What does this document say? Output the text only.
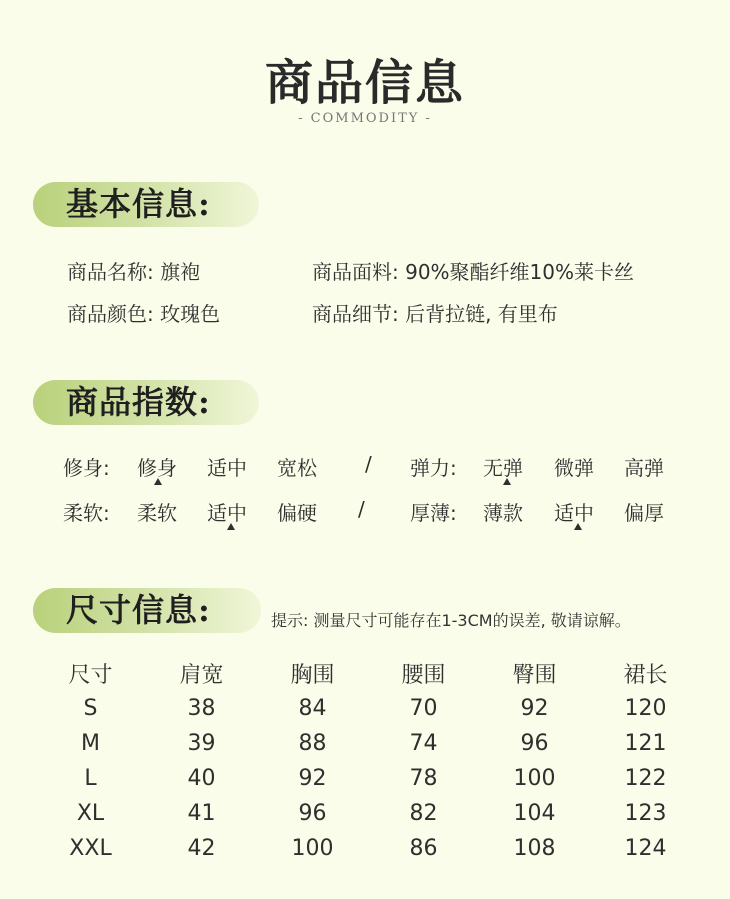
商品信息
- COMMODITY -
基本信息:
商品名称: 旗袍	商品面料: 90%聚酯纤维10%莱卡丝
商品颜色: 玫瑰色	商品细节: 后背拉链, 有里布
商品指数:
修身: 修身 适中 宽松 / 弹力: 无弹 微弹 高弹
柔软: 柔软 适中 偏硬 / 厚薄: 薄款 适中 偏厚
尺寸信息:	提示: 测量尺寸可能存在1-3CM的误差, 敬请谅解。
尺寸	肩宽	胸围	腰围	臀围	裙长
S	38	84	70	92	120
M	39	88	74	96	121
L	40	92	78	100	122
XL	41	96	82	104	123
XXL	42	100	86	108	124
